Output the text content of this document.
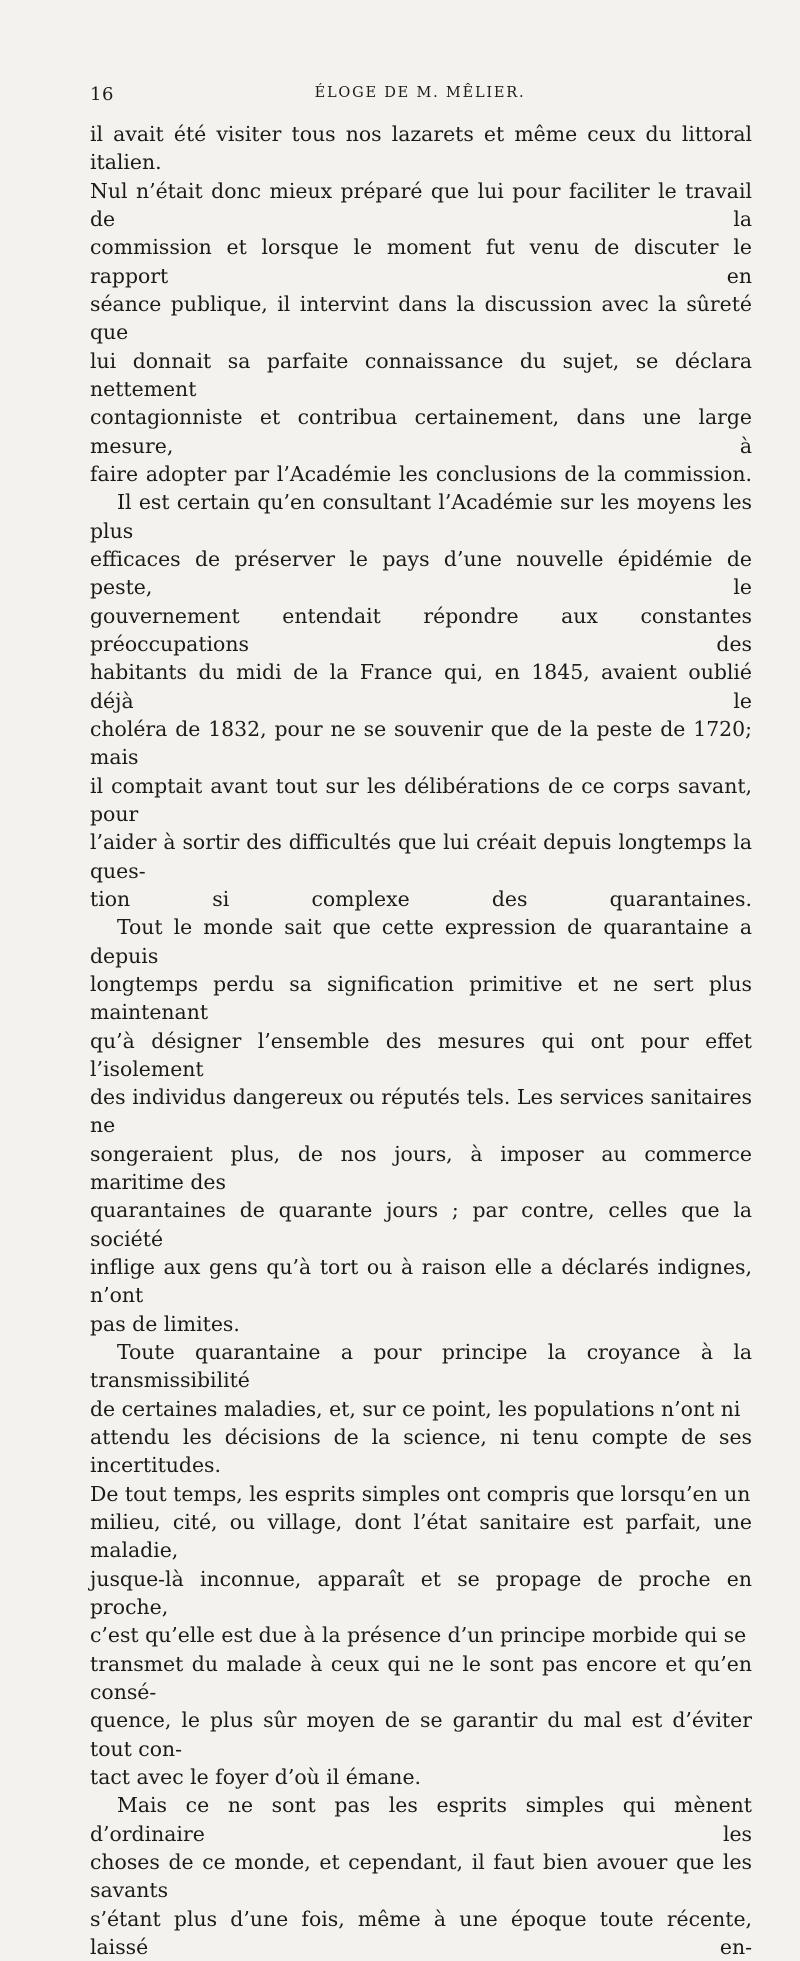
16	ÉLOGE DE M. MÊLIER.

il avait été visiter tous nos lazarets et même ceux du littoral italien.
Nul n’était donc mieux préparé que lui pour faciliter le travail de la
commission et lorsque le moment fut venu de discuter le rapport en
séance publique, il intervint dans la discussion avec la sûreté que
lui donnait sa parfaite connaissance du sujet, se déclara nettement
contagionniste et contribua certainement, dans une large mesure, à
faire adopter par l’Académie les conclusions de la commission.

Il est certain qu’en consultant l’Académie sur les moyens les plus
efficaces de préserver le pays d’une nouvelle épidémie de peste, le
gouvernement entendait répondre aux constantes préoccupations des
habitants du midi de la France qui, en 1845, avaient oublié déjà le
choléra de 1832, pour ne se souvenir que de la peste de 1720; mais
il comptait avant tout sur les délibérations de ce corps savant, pour
l’aider à sortir des difficultés que lui créait depuis longtemps la ques-
tion si complexe des quarantaines.

Tout le monde sait que cette expression de quarantaine a depuis
longtemps perdu sa signification primitive et ne sert plus maintenant
qu’à désigner l’ensemble des mesures qui ont pour effet l’isolement
des individus dangereux ou réputés tels. Les services sanitaires ne
songeraient plus, de nos jours, à imposer au commerce maritime des
quarantaines de quarante jours ; par contre, celles que la société
inflige aux gens qu’à tort ou à raison elle a déclarés indignes, n’ont
pas de limites.

Toute quarantaine a pour principe la croyance à la transmissibilité
de certaines maladies, et, sur ce point, les populations n’ont ni
attendu les décisions de la science, ni tenu compte de ses incertitudes.
De tout temps, les esprits simples ont compris que lorsqu’en un
milieu, cité, ou village, dont l’état sanitaire est parfait, une maladie,
jusque-là inconnue, apparaît et se propage de proche en proche,
c’est qu’elle est due à la présence d’un principe morbide qui se
transmet du malade à ceux qui ne le sont pas encore et qu’en consé-
quence, le plus sûr moyen de se garantir du mal est d’éviter tout con-
tact avec le foyer d’où il émane.

Mais ce ne sont pas les esprits simples qui mènent d’ordinaire les
choses de ce monde, et cependant, il faut bien avouer que les savants
s’étant plus d’une fois, même à une époque toute récente, laissé en-
